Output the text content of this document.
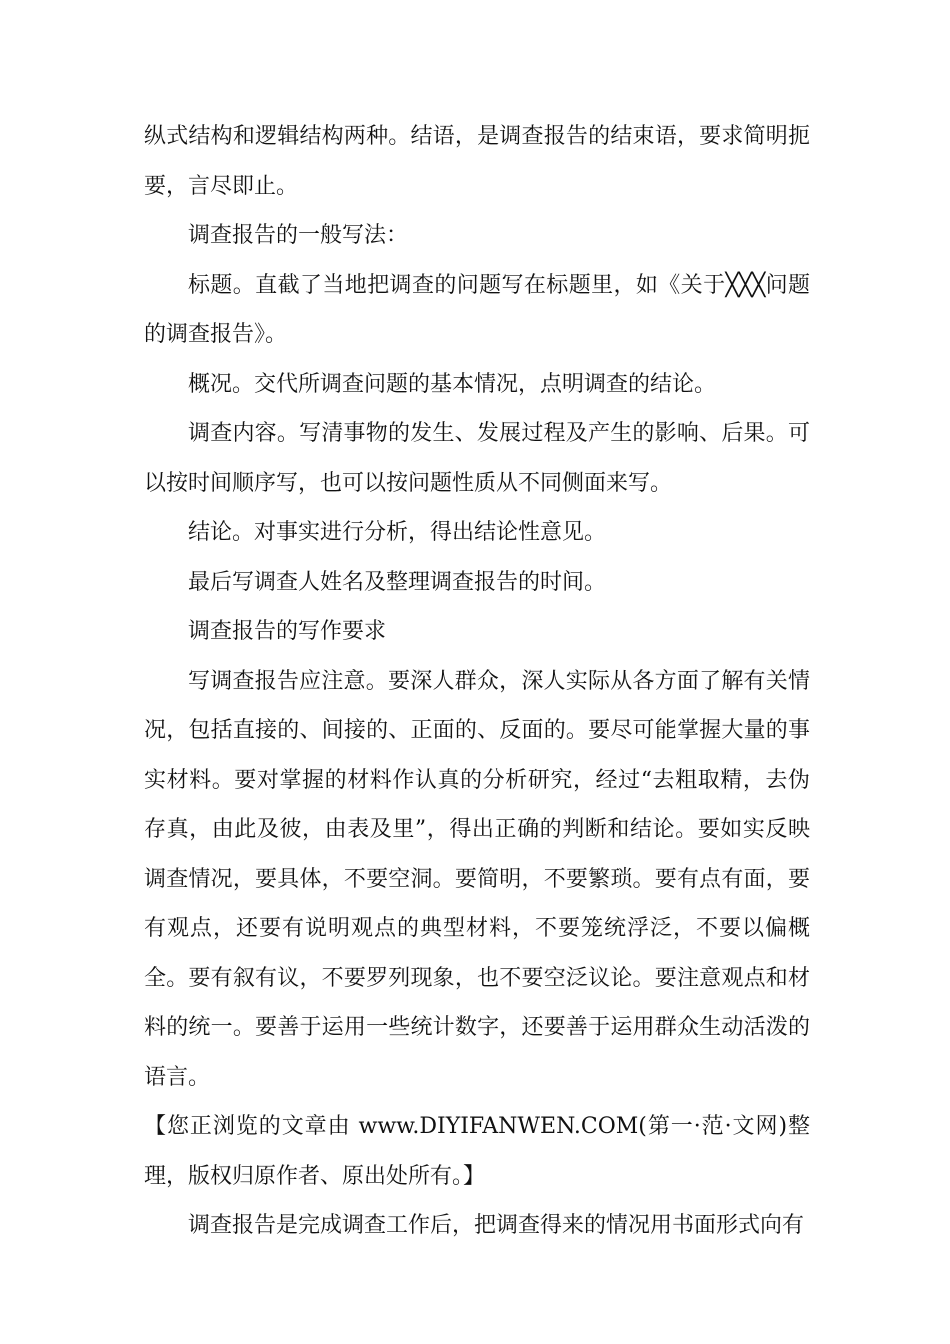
纵式结构和逻辑结构两种。结语，是调查报告的结束语，要求简明扼要，言尽即止。

调查报告的一般写法：

标题。直截了当地把调查的问题写在标题里，如《关于╳╳╳问题的调查报告》。

概况。交代所调查问题的基本情况，点明调查的结论。

调查内容。写清事物的发生、发展过程及产生的影响、后果。可以按时间顺序写，也可以按问题性质从不同侧面来写。

结论。对事实进行分析，得出结论性意见。

最后写调查人姓名及整理调查报告的时间。

调查报告的写作要求

写调查报告应注意。要深人群众，深人实际从各方面了解有关情况，包括直接的、间接的、正面的、反面的。要尽可能掌握大量的事实材料。要对掌握的材料作认真的分析研究，经过“去粗取精，去伪存真，由此及彼，由表及里”，得出正确的判断和结论。要如实反映调查情况，要具体，不要空洞。要简明，不要繁琐。要有点有面，要有观点，还要有说明观点的典型材料，不要笼统浮泛，不要以偏概全。要有叙有议，不要罗列现象，也不要空泛议论。要注意观点和材料的统一。要善于运用一些统计数字，还要善于运用群众生动活泼的语言。

【您正浏览的文章由 www.DIYIFANWEN.COM(第一·范·文网)整理，版权归原作者、原出处所有。】

调查报告是完成调查工作后，把调查得来的情况用书面形式向有
